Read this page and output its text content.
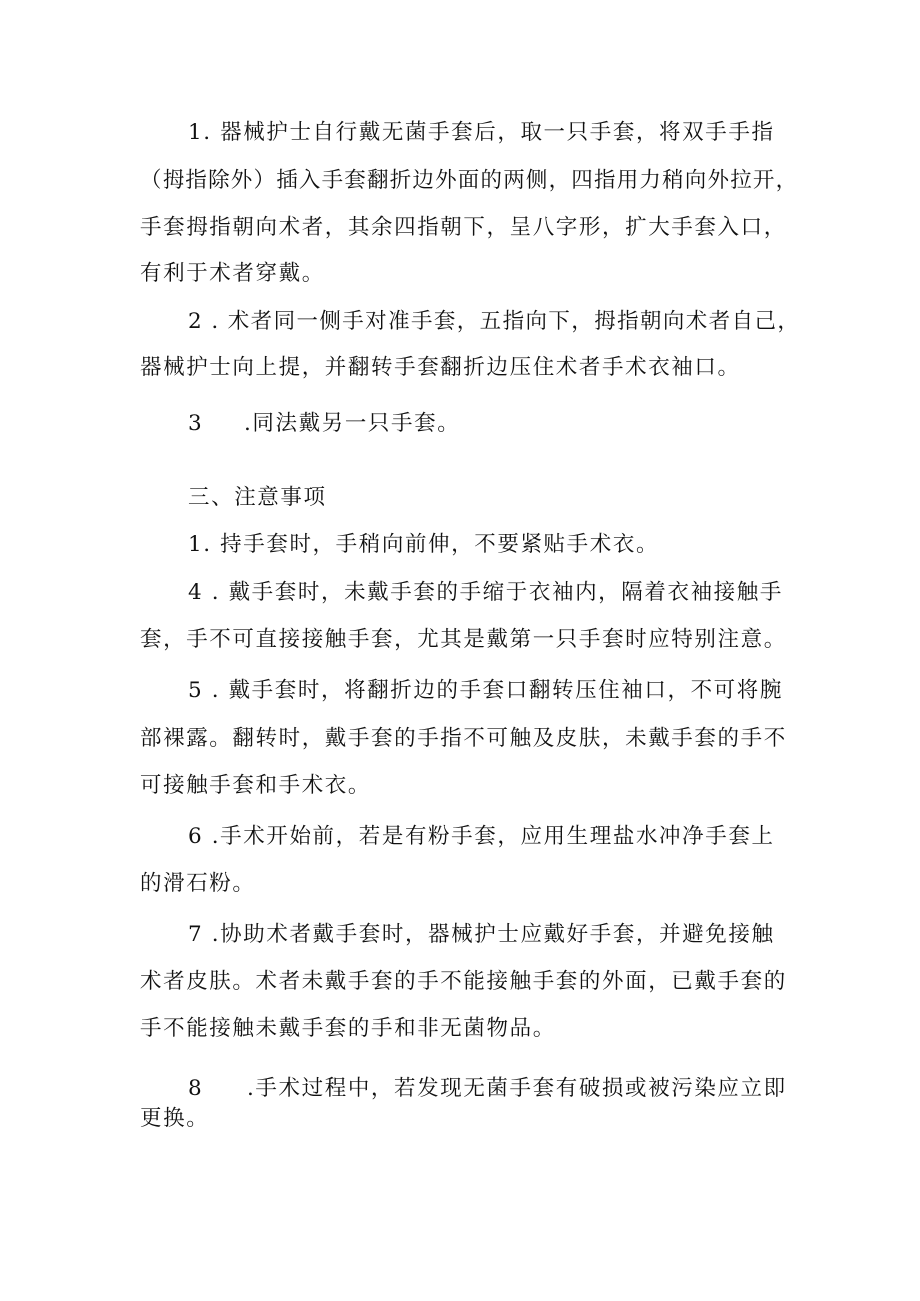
1. 器械护士自行戴无菌手套后，取一只手套，将双手手指
（拇指除外）插入手套翻折边外面的两侧，四指用力稍向外拉开，
手套拇指朝向术者，其余四指朝下，呈八字形，扩大手套入口，
有利于术者穿戴。
2 . 术者同一侧手对准手套，五指向下，拇指朝向术者自己，
器械护士向上提，并翻转手套翻折边压住术者手术衣袖口。
3 .同法戴另一只手套。
三、注意事项
1. 持手套时，手稍向前伸，不要紧贴手术衣。
4 . 戴手套时，未戴手套的手缩于衣袖内，隔着衣袖接触手
套，手不可直接接触手套，尤其是戴第一只手套时应特别注意。
5 . 戴手套时，将翻折边的手套口翻转压住袖口，不可将腕
部裸露。翻转时，戴手套的手指不可触及皮肤，未戴手套的手不
可接触手套和手术衣。
6 .手术开始前，若是有粉手套，应用生理盐水冲净手套上
的滑石粉。
7 .协助术者戴手套时，器械护士应戴好手套，并避免接触
术者皮肤。术者未戴手套的手不能接触手套的外面，已戴手套的
手不能接触未戴手套的手和非无菌物品。
8 .手术过程中，若发现无菌手套有破损或被污染应立即
更换。
